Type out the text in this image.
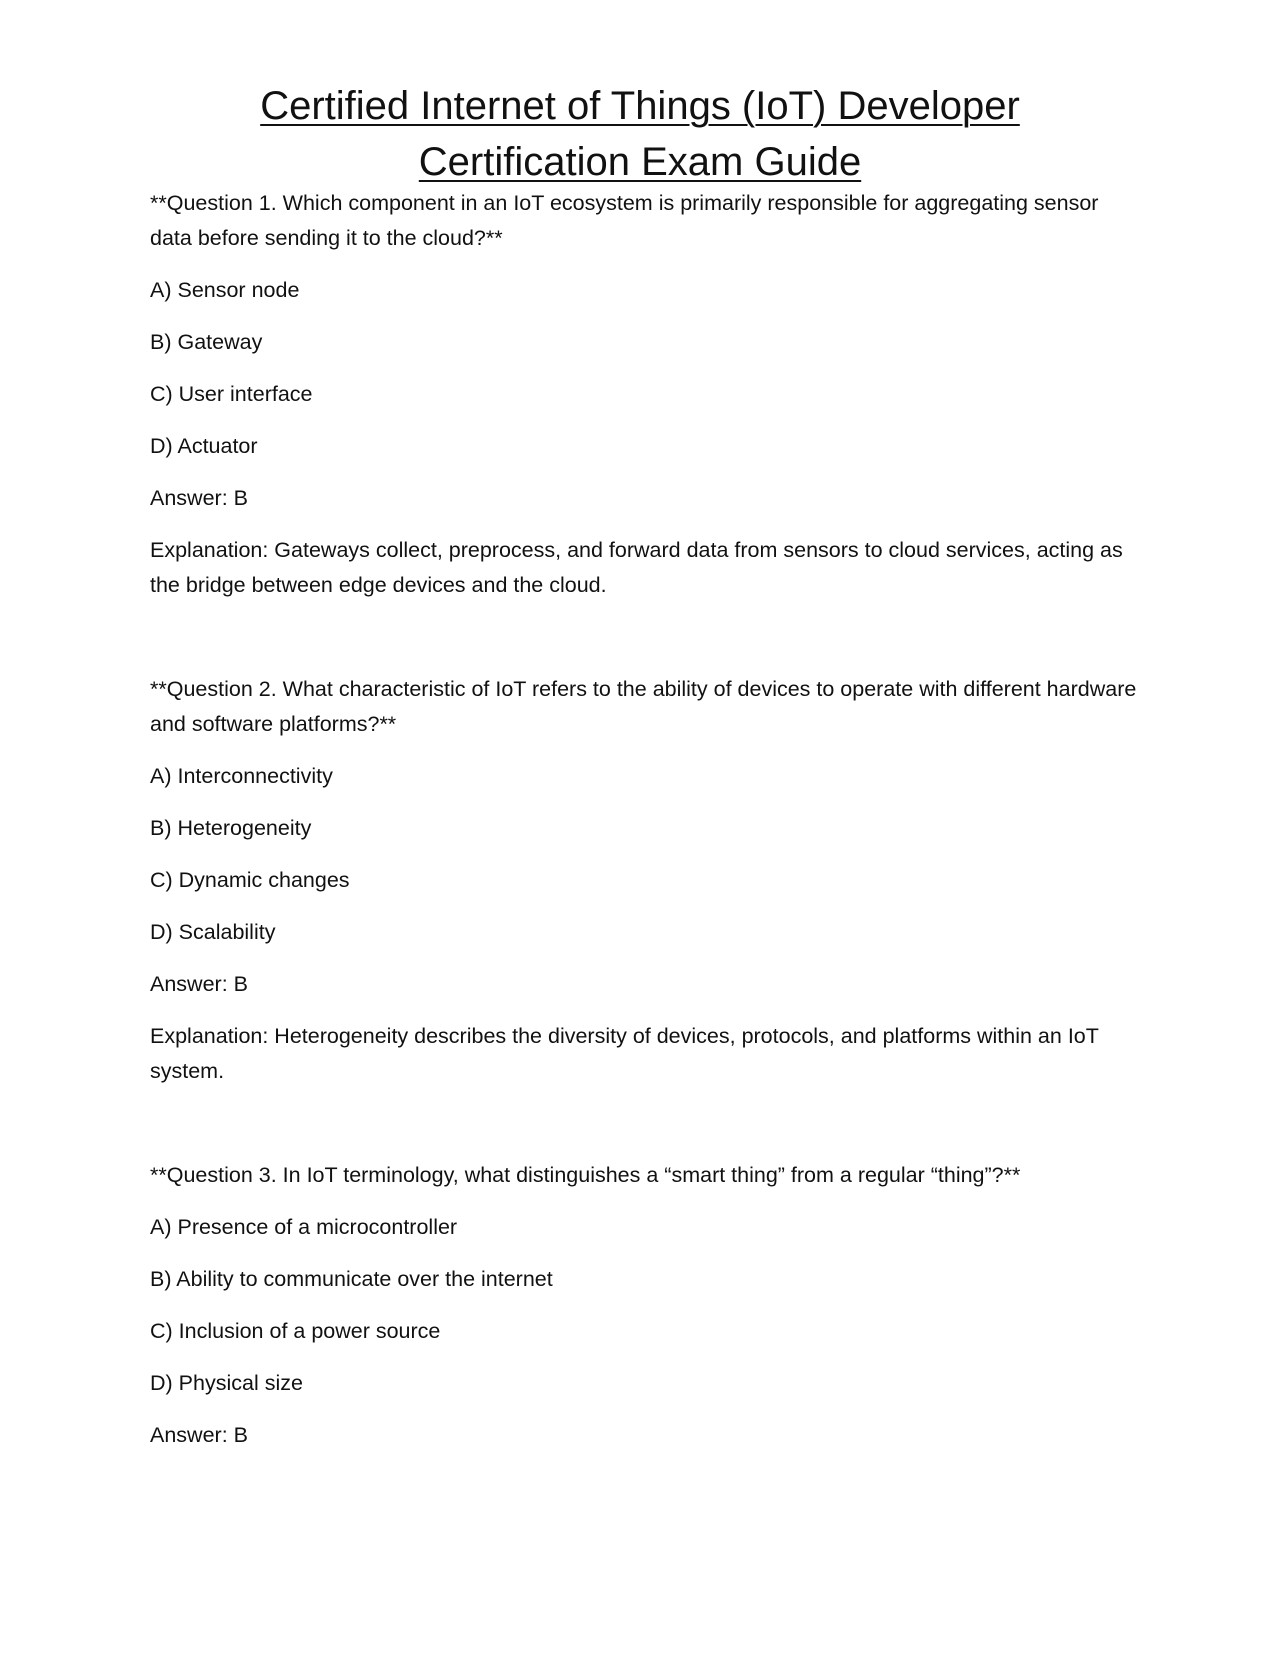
Certified Internet of Things (IoT) Developer
Certification Exam Guide

**Question 1. Which component in an IoT ecosystem is primarily responsible for aggregating sensor data before sending it to the cloud?**

A) Sensor node

B) Gateway

C) User interface

D) Actuator

Answer: B

Explanation: Gateways collect, preprocess, and forward data from sensors to cloud services, acting as the bridge between edge devices and the cloud.

**Question 2. What characteristic of IoT refers to the ability of devices to operate with different hardware and software platforms?**

A) Interconnectivity

B) Heterogeneity

C) Dynamic changes

D) Scalability

Answer: B

Explanation: Heterogeneity describes the diversity of devices, protocols, and platforms within an IoT system.

**Question 3. In IoT terminology, what distinguishes a “smart thing” from a regular “thing”?**

A) Presence of a microcontroller

B) Ability to communicate over the internet

C) Inclusion of a power source

D) Physical size

Answer: B
